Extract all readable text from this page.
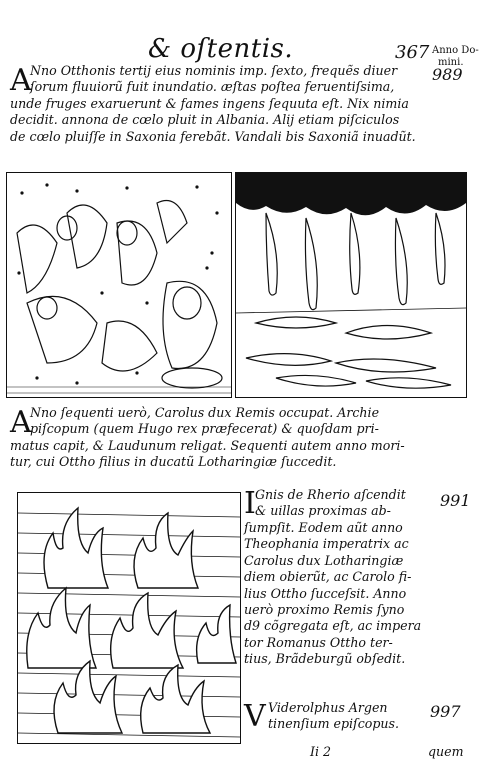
& oſtentis.	367 Anno Do-
mini.
989
A
Nno Otthonis tertij eius nominis imp. ſexto, frequẽs diuer
ſorum fluuiorũ fuit inundatio. æſtas poſtea feruentiſsima,
unde fruges exaruerunt & fames ingens ſequuta eſt. Nix nimia
decidit. annona de cœlo pluit in Albania. Alij etiam piſciculos
de cœlo pluiſſe in Saxonia ferebãt. Vandali bis Saxoniã inuadũt.
A
Nno ſequenti uerò, Carolus dux Remis occupat. Archie
piſcopum (quem Hugo rex præfecerat) & quoſdam pri-
matus capit, & Laudunum religat. Sequenti autem anno mori-
tur, cui Ottho filius in ducatũ Lotharingiæ ſuccedit.
I Gnis de Rherio aſcendit
& uillas proximas ab-
ſumpſit. Eodem aũt anno
Theophania imperatrix ac
Carolus dux Lotharingiæ
diem obierũt, ac Carolo fi-
lius Ottho ſucceſsit. Anno
uerò proximo Remis ſyno
d9 cõgregata eſt, ac impera
tor Romanus Ottho ter-
tius, Brãdeburgũ obſedit.
991
V Viderolphus Argen
tinenſium epiſcopus.
997
Ii 2	quem
